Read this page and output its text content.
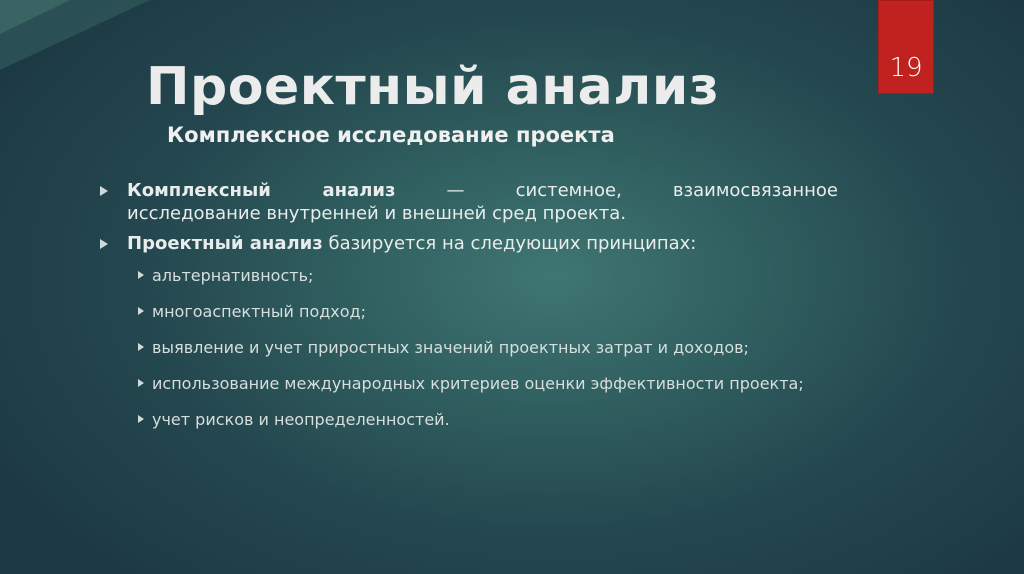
19
Проектный анализ
Комплексное исследование проекта
Комплексный анализ — системное, взаимосвязанное
исследование внутренней и внешней сред проекта.
Проектный анализ базируется на следующих принципах:
альтернативность;
многоаспектный подход;
выявление и учет приростных значений проектных затрат и доходов;
использование международных критериев оценки эффективности проекта;
учет рисков и неопределенностей.
